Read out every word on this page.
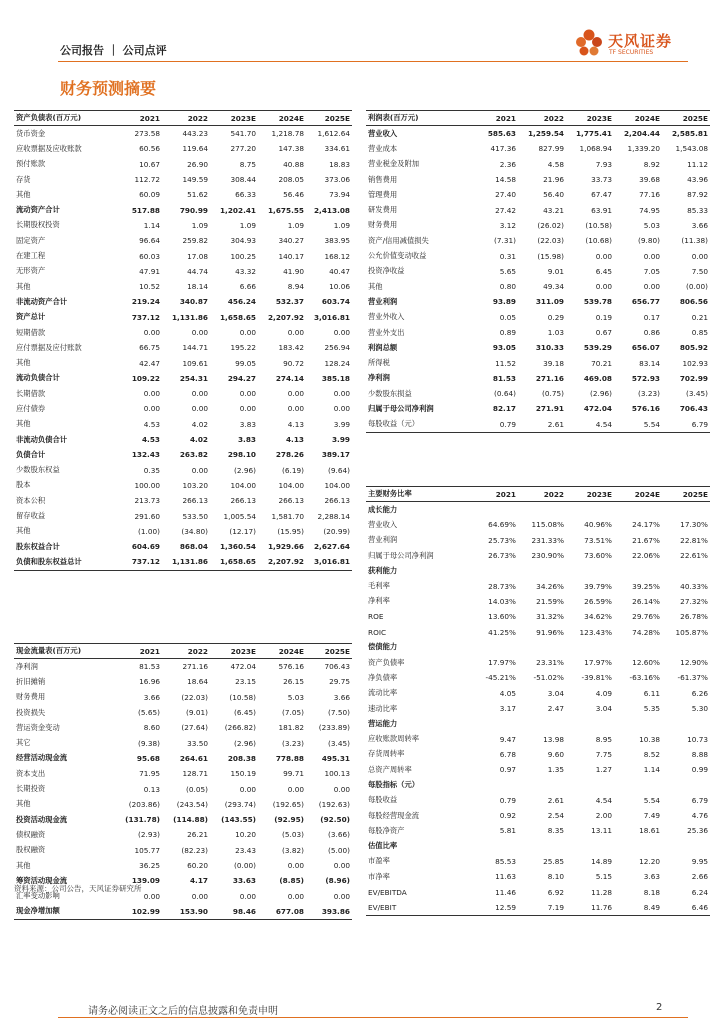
公司报告 ｜ 公司点评
天风证券
TF SECURITIES
财务预测摘要
资产负债表(百万元)	2021	2022	2023E	2024E	2025E
货币资金	273.58	443.23	541.70	1,218.78	1,612.64
应收票据及应收账款	60.56	119.64	277.20	147.38	334.61
预付账款	10.67	26.90	8.75	40.88	18.83
存货	112.72	149.59	308.44	208.05	373.06
其他	60.09	51.62	66.33	56.46	73.94
流动资产合计	517.88	790.99	1,202.41	1,675.55	2,413.08
长期股权投资	1.14	1.09	1.09	1.09	1.09
固定资产	96.64	259.82	304.93	340.27	383.95
在建工程	60.03	17.08	100.25	140.17	168.12
无形资产	47.91	44.74	43.32	41.90	40.47
其他	10.52	18.14	6.66	8.94	10.06
非流动资产合计	219.24	340.87	456.24	532.37	603.74
资产总计	737.12	1,131.86	1,658.65	2,207.92	3,016.81
短期借款	0.00	0.00	0.00	0.00	0.00
应付票据及应付账款	66.75	144.71	195.22	183.42	256.94
其他	42.47	109.61	99.05	90.72	128.24
流动负债合计	109.22	254.31	294.27	274.14	385.18
长期借款	0.00	0.00	0.00	0.00	0.00
应付债券	0.00	0.00	0.00	0.00	0.00
其他	4.53	4.02	3.83	4.13	3.99
非流动负债合计	4.53	4.02	3.83	4.13	3.99
负债合计	132.43	263.82	298.10	278.26	389.17
少数股东权益	0.35	0.00	(2.96)	(6.19)	(9.64)
股本	100.00	103.20	104.00	104.00	104.00
资本公积	213.73	266.13	266.13	266.13	266.13
留存收益	291.60	533.50	1,005.54	1,581.70	2,288.14
其他	(1.00)	(34.80)	(12.17)	(15.95)	(20.99)
股东权益合计	604.69	868.04	1,360.54	1,929.66	2,627.64
负债和股东权益总计	737.12	1,131.86	1,658.65	2,207.92	3,016.81
利润表(百万元)	2021	2022	2023E	2024E	2025E
营业收入	585.63	1,259.54	1,775.41	2,204.44	2,585.81
营业成本	417.36	827.99	1,068.94	1,339.20	1,543.08
营业税金及附加	2.36	4.58	7.93	8.92	11.12
销售费用	14.58	21.96	33.73	39.68	43.96
管理费用	27.40	56.40	67.47	77.16	87.92
研发费用	27.42	43.21	63.91	74.95	85.33
财务费用	3.12	(26.02)	(10.58)	5.03	3.66
资产/信用减值损失	(7.31)	(22.03)	(10.68)	(9.80)	(11.38)
公允价值变动收益	0.31	(15.98)	0.00	0.00	0.00
投资净收益	5.65	9.01	6.45	7.05	7.50
其他	0.80	49.34	0.00	0.00	(0.00)
营业利润	93.89	311.09	539.78	656.77	806.56
营业外收入	0.05	0.29	0.19	0.17	0.21
营业外支出	0.89	1.03	0.67	0.86	0.85
利润总额	93.05	310.33	539.29	656.07	805.92
所得税	11.52	39.18	70.21	83.14	102.93
净利润	81.53	271.16	469.08	572.93	702.99
少数股东损益	(0.64)	(0.75)	(2.96)	(3.23)	(3.45)
归属于母公司净利润	82.17	271.91	472.04	576.16	706.43
每股收益（元）	0.79	2.61	4.54	5.54	6.79
主要财务比率	2021	2022	2023E	2024E	2025E
成长能力					
营业收入	64.69%	115.08%	40.96%	24.17%	17.30%
营业利润	25.73%	231.33%	73.51%	21.67%	22.81%
归属于母公司净利润	26.73%	230.90%	73.60%	22.06%	22.61%
获利能力					
毛利率	28.73%	34.26%	39.79%	39.25%	40.33%
净利率	14.03%	21.59%	26.59%	26.14%	27.32%
ROE	13.60%	31.32%	34.62%	29.76%	26.78%
ROIC	41.25%	91.96%	123.43%	74.28%	105.87%
偿债能力					
资产负债率	17.97%	23.31%	17.97%	12.60%	12.90%
净负债率	-45.21%	-51.02%	-39.81%	-63.16%	-61.37%
流动比率	4.05	3.04	4.09	6.11	6.26
速动比率	3.17	2.47	3.04	5.35	5.30
营运能力					
应收账款周转率	9.47	13.98	8.95	10.38	10.73
存货周转率	6.78	9.60	7.75	8.52	8.88
总资产周转率	0.97	1.35	1.27	1.14	0.99
每股指标（元）					
每股收益	0.79	2.61	4.54	5.54	6.79
每股经营现金流	0.92	2.54	2.00	7.49	4.76
每股净资产	5.81	8.35	13.11	18.61	25.36
估值比率					
市盈率	85.53	25.85	14.89	12.20	9.95
市净率	11.63	8.10	5.15	3.63	2.66
EV/EBITDA	11.46	6.92	11.28	8.18	6.24
EV/EBIT	12.59	7.19	11.76	8.49	6.46
现金流量表(百万元)	2021	2022	2023E	2024E	2025E
净利润	81.53	271.16	472.04	576.16	706.43
折旧摊销	16.96	18.64	23.15	26.15	29.75
财务费用	3.66	(22.03)	(10.58)	5.03	3.66
投资损失	(5.65)	(9.01)	(6.45)	(7.05)	(7.50)
营运资金变动	8.60	(27.64)	(266.82)	181.82	(233.89)
其它	(9.38)	33.50	(2.96)	(3.23)	(3.45)
经营活动现金流	95.68	264.61	208.38	778.88	495.31
资本支出	71.95	128.71	150.19	99.71	100.13
长期投资	0.13	(0.05)	0.00	0.00	0.00
其他	(203.86)	(243.54)	(293.74)	(192.65)	(192.63)
投资活动现金流	(131.78)	(114.88)	(143.55)	(92.95)	(92.50)
债权融资	(2.93)	26.21	10.20	(5.03)	(3.66)
股权融资	105.77	(82.23)	23.43	(3.82)	(5.00)
其他	36.25	60.20	(0.00)	0.00	0.00
筹资活动现金流	139.09	4.17	33.63	(8.85)	(8.96)
汇率变动影响	0.00	0.00	0.00	0.00	0.00
现金净增加额	102.99	153.90	98.46	677.08	393.86
资料来源：公司公告，天风证券研究所
请务必阅读正文之后的信息披露和免责申明	2
